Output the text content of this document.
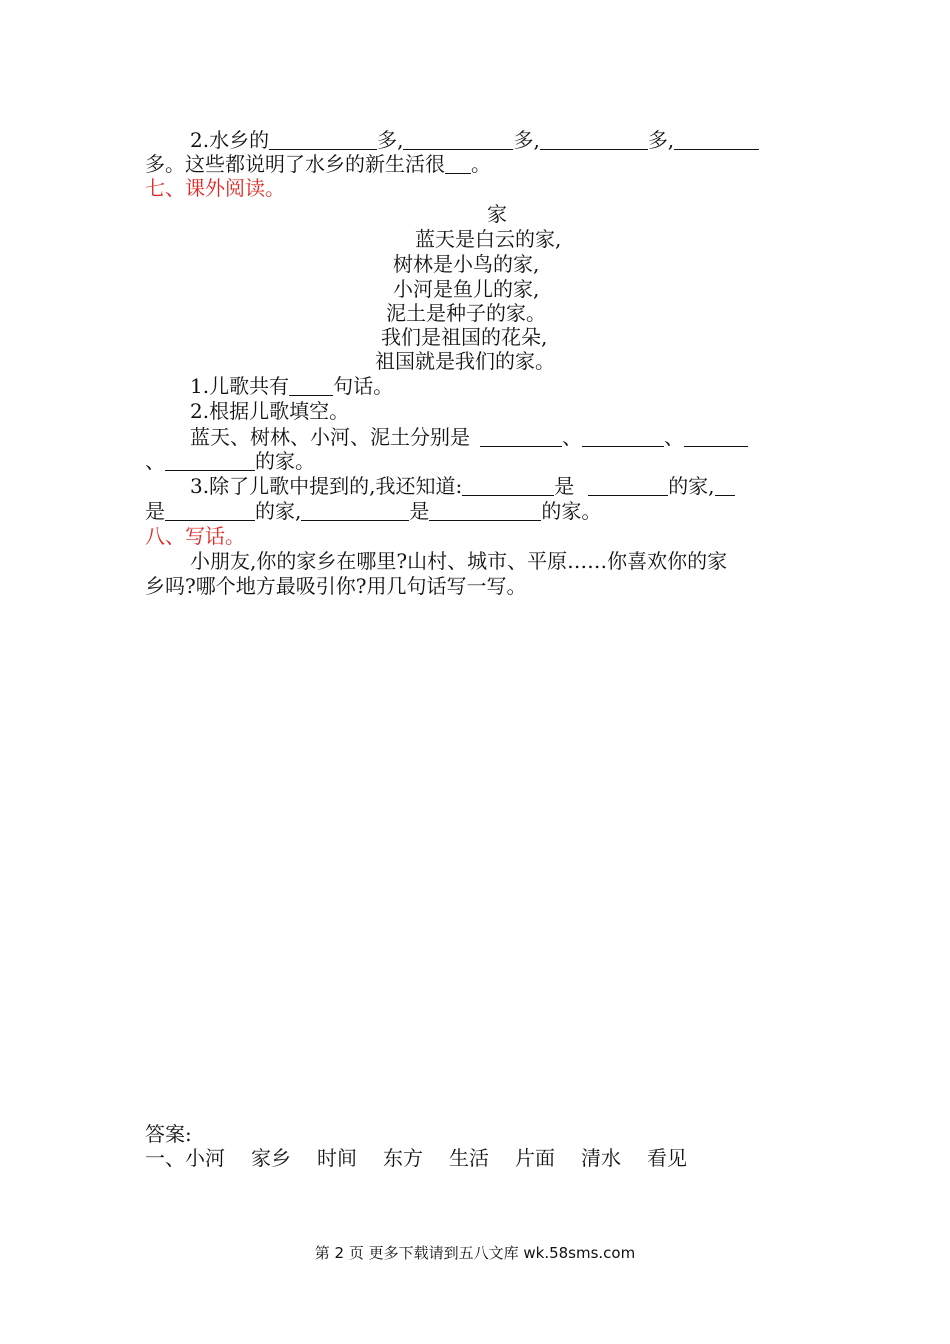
2.水乡的	多,	多,	多,
多。这些都说明了水乡的新生活很 。
七、课外阅读。
家
蓝天是白云的家,
树林是小鸟的家,
小河是鱼儿的家,
泥土是种子的家。
我们是祖国的花朵,
祖国就是我们的家。
1.儿歌共有 句话。
2.根据儿歌填空。
蓝天、树林、小河、泥土分别是	、	、
、	的家。
3.除了儿歌中提到的,我还知道:	是	的家,
是	的家,	是	的家。
八、写话。
小朋友,你的家乡在哪里?山村、城市、平原……你喜欢你的家
乡吗?哪个地方最吸引你?用几句话写一写。
答案:
一、小河 家乡 时间 东方 生活 片面 清水 看见
第 2 页 更多下载请到五八文库 wk.58sms.com
